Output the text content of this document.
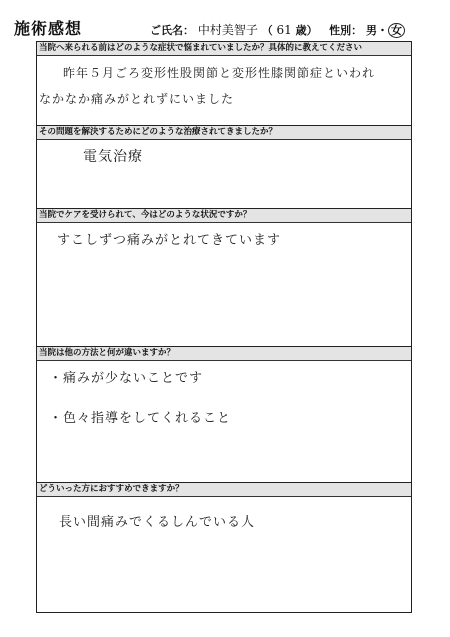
施術感想	ご氏名： 中村美智子 （ 61 歳） 性別： 男・ 女
当院へ来られる前はどのような症状で悩まれていましたか？具体的に教えてください
昨年５月ごろ変形性股関節と変形性膝関節症といわれ
なかなか痛みがとれずにいました
その問題を解決するためにどのような治療されてきましたか？
電気治療
当院でケアを受けられて、今はどのような状況ですか？
すこしずつ痛みがとれてきています
当院は他の方法と何が違いますか？
・痛みが少ないことです
・色々指導をしてくれること
どういった方におすすめできますか？
長い間痛みでくるしんでいる人
